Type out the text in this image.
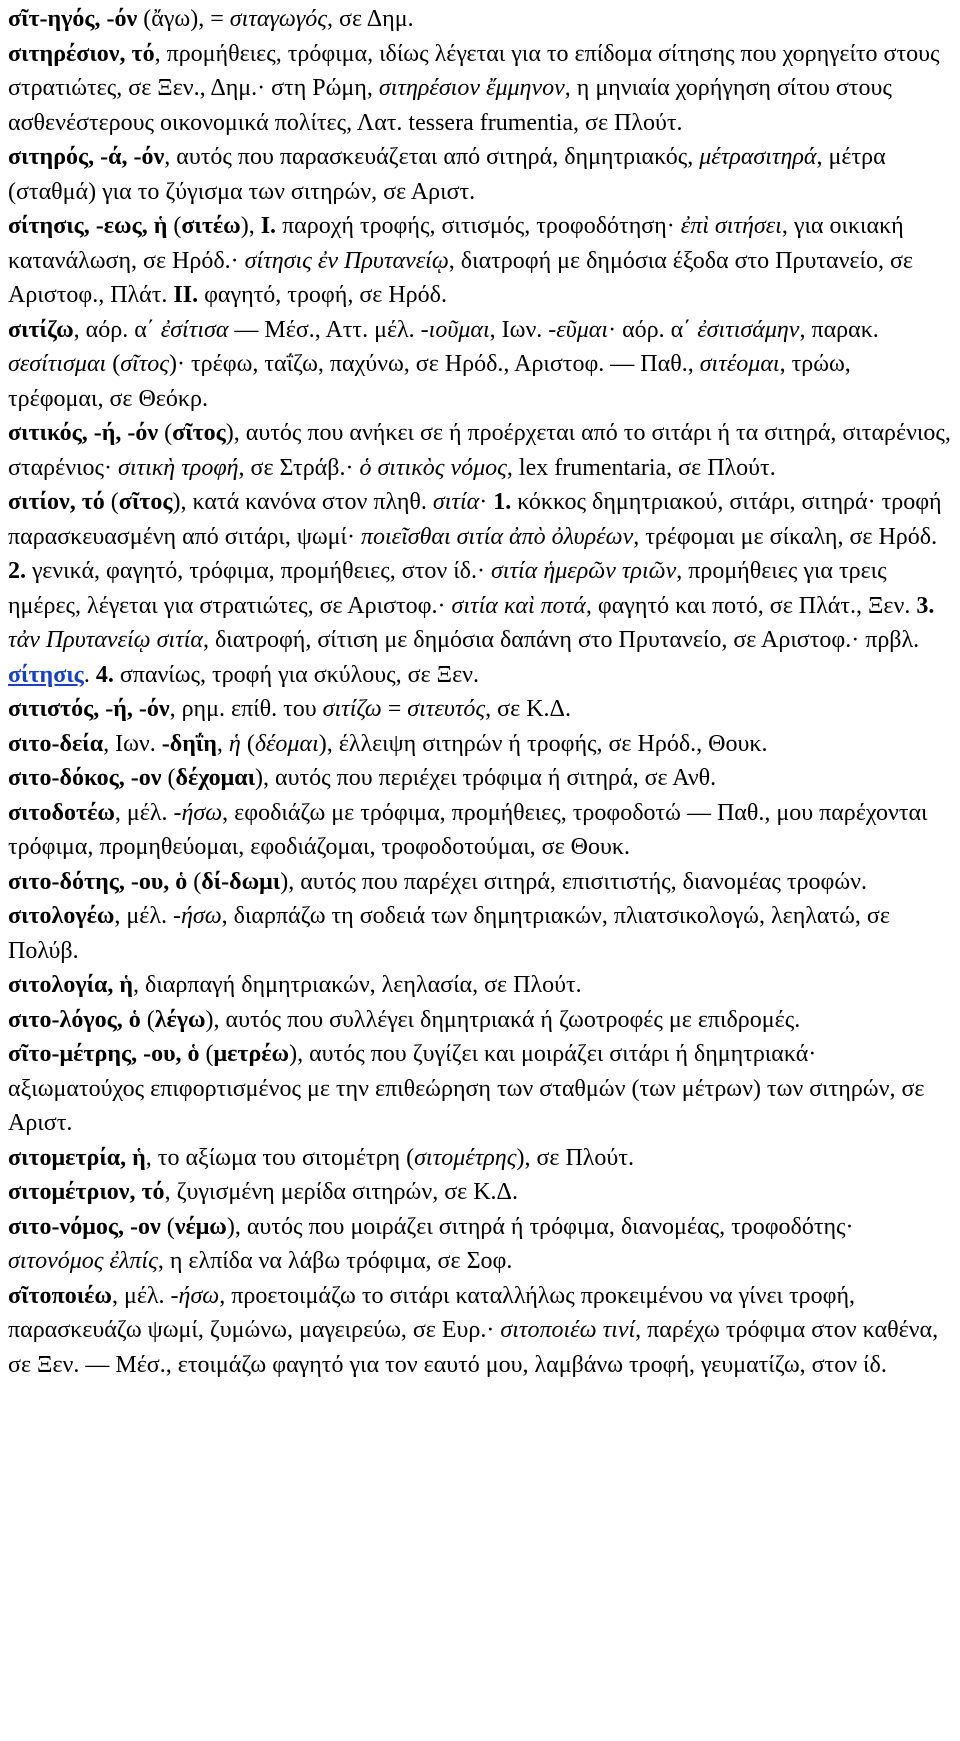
σῖτ-ηγός, -όν (ἄγω), = σιταγωγός, σε Δημ.

σιτηρέσιον, τό, προμήθειες, τρόφιμα, ιδίως λέγεται για το επίδομα σίτησης που χορηγείτο στους στρατιώτες, σε Ξεν., Δημ.· στη Ρώμη, σιτηρέσιον ἔμμηνον, η μηνιαία χορήγηση σίτου στους ασθενέστερους οικονομικά πολίτες, Λατ. tessera frumentia, σε Πλούτ.

σιτηρός, -ά, -όν, αυτός που παρασκευάζεται από σιτηρά, δημητριακός, μέτρασιτηρά, μέτρα (σταθμά) για το ζύγισμα των σιτηρών, σε Αριστ.

σίτησις, -εως, ἡ (σιτέω), I. παροχή τροφής, σιτισμός, τροφοδότηση· ἐπὶ σιτήσει, για οικιακή κατανάλωση, σε Ηρόδ.· σίτησις ἐν Πρυτανείῳ, διατροφή με δημόσια έξοδα στο Πρυτανείο, σε Αριστοφ., Πλάτ. II. φαγητό, τροφή, σε Ηρόδ.

σιτίζω, αόρ. α΄ ἐσίτισα — Μέσ., Αττ. μέλ. -ιοῦμαι, Ιων. -εῦμαι· αόρ. α΄ ἐσιτισάμην, παρακ. σεσίτισμαι (σῖτος)· τρέφω, ταΐζω, παχύνω, σε Ηρόδ., Αριστοφ. — Παθ., σιτέομαι, τρώω, τρέφομαι, σε Θεόκρ.

σιτικός, -ή, -όν (σῖτος), αυτός που ανήκει σε ή προέρχεται από το σιτάρι ή τα σιτηρά, σιταρένιος, σταρένιος· σιτικὴ τροφή, σε Στράβ.· ὁ σιτικὸς νόμος, lex frumentaria, σε Πλούτ.

σιτίον, τό (σῖτος), κατά κανόνα στον πληθ. σιτία· 1. κόκκος δημητριακού, σιτάρι, σιτηρά· τροφή παρασκευασμένη από σιτάρι, ψωμί· ποιεῖσθαι σιτία ἀπὸ ὀλυρέων, τρέφομαι με σίκαλη, σε Ηρόδ. 2. γενικά, φαγητό, τρόφιμα, προμήθειες, στον ίδ.· σιτία ἡμερῶν τριῶν, προμήθειες για τρεις ημέρες, λέγεται για στρατιώτες, σε Αριστοφ.· σιτία καὶ ποτά, φαγητό και ποτό, σε Πλάτ., Ξεν. 3. τἀν Πρυτανείῳ σιτία, διατροφή, σίτιση με δημόσια δαπάνη στο Πρυτανείο, σε Αριστοφ.· πρβλ. σίτησις. 4. σπανίως, τροφή για σκύλους, σε Ξεν.

σιτιστός, -ή, -όν, ρημ. επίθ. του σιτίζω = σιτευτός, σε Κ.Δ.

σιτο-δεία, Ιων. -δηΐη, ἡ (δέομαι), έλλειψη σιτηρών ή τροφής, σε Ηρόδ., Θουκ.

σιτο-δόκος, -ον (δέχομαι), αυτός που περιέχει τρόφιμα ή σιτηρά, σε Ανθ.

σιτοδοτέω, μέλ. -ήσω, εφοδιάζω με τρόφιμα, προμήθειες, τροφοδοτώ — Παθ., μου παρέχονται τρόφιμα, προμηθεύομαι, εφοδιάζομαι, τροφοδοτούμαι, σε Θουκ.

σιτο-δότης, -ου, ὁ (δί-δωμι), αυτός που παρέχει σιτηρά, επισιτιστής, διανομέας τροφών.

σιτολογέω, μέλ. -ήσω, διαρπάζω τη σοδειά των δημητριακών, πλιατσικολογώ, λεηλατώ, σε Πολύβ.

σιτολογία, ἡ, διαρπαγή δημητριακών, λεηλασία, σε Πλούτ.

σιτο-λόγος, ὁ (λέγω), αυτός που συλλέγει δημητριακά ή ζωοτροφές με επιδρομές.

σῖτο-μέτρης, -ου, ὁ (μετρέω), αυτός που ζυγίζει και μοιράζει σιτάρι ή δημητριακά· αξιωματούχος επιφορτισμένος με την επιθεώρηση των σταθμών (των μέτρων) των σιτηρών, σε Αριστ.

σιτομετρία, ἡ, το αξίωμα του σιτομέτρη (σιτομέτρης), σε Πλούτ.

σιτομέτριον, τό, ζυγισμένη μερίδα σιτηρών, σε Κ.Δ.

σιτο-νόμος, -ον (νέμω), αυτός που μοιράζει σιτηρά ή τρόφιμα, διανομέας, τροφοδότης· σιτονόμος ἐλπίς, η ελπίδα να λάβω τρόφιμα, σε Σοφ.

σῖτοποιέω, μέλ. -ήσω, προετοιμάζω το σιτάρι καταλλήλως προκειμένου να γίνει τροφή, παρασκευάζω ψωμί, ζυμώνω, μαγειρεύω, σε Ευρ.· σιτοποιέω τινί, παρέχω τρόφιμα στον καθένα, σε Ξεν. — Μέσ., ετοιμάζω φαγητό για τον εαυτό μου, λαμβάνω τροφή, γευματίζω, στον ίδ.
